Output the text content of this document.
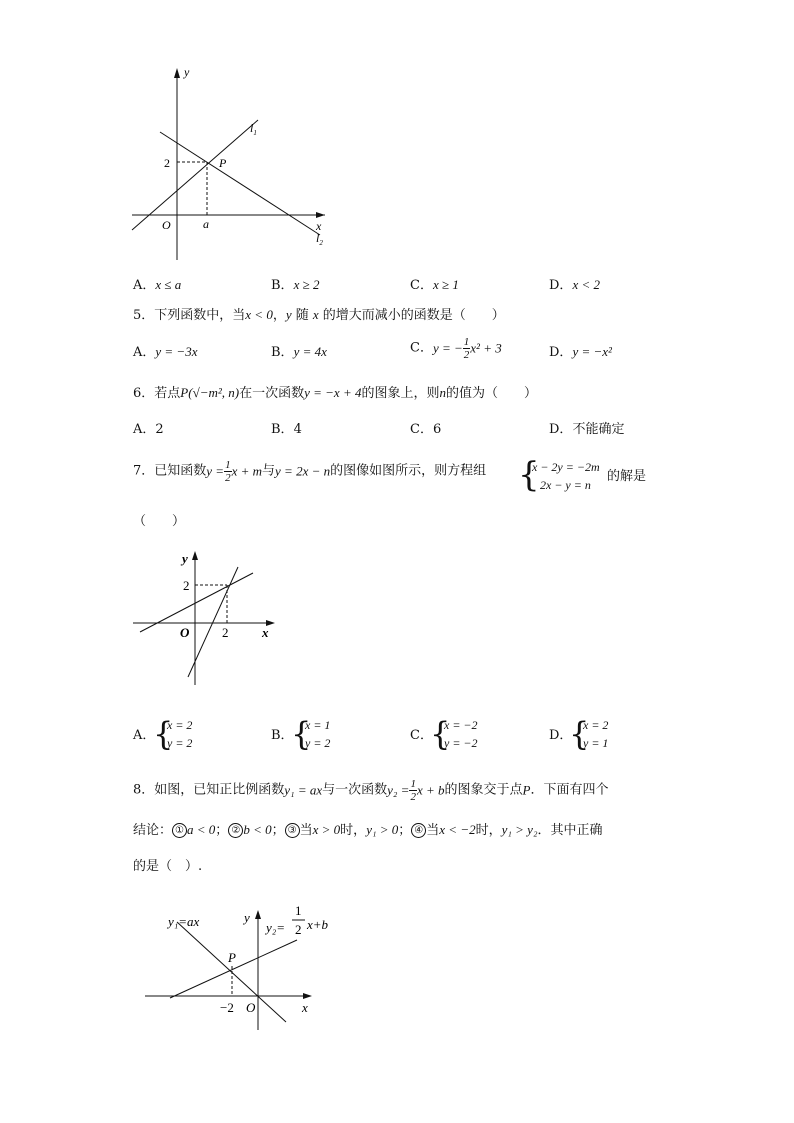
y
x
O
$l_1$
$l_2$
2	P
a
A．x ≤ a	B．x ≥ 2	C．x ≥ 1	D．x < 2
5．下列函数中，当x < 0，y 随 x 的增大而减小的函数是（　　）
A．y = −3x	B．y = 4x	C．y = − $\frac{1}{2} x^2 + 3$	D．y = −x²
6．若点P(√−m², n)在一次函数y = −x + 4的图象上，则n的值为（　　）
A．2	B．4	C．6	D．不能确定
7．已知函数$y = \frac{1}{2}$ x + m与y = 2x − n的图像如图所示，则方程组 {
x − 2y = −2m
2x − y = n
的解是
（　　）
y
x
O
2
2
A．
{
x = 2
y = 2	B．
{
x = 1
y = 2	C．
{
x = −2
y = −2	D．
{
x = 2
y = 1
8．如图，已知正比例函数y₁ = ax与一次函数$y_2 = \frac{1}{2}$ x + b的图象交于点P．下面有四个
结论： ① a < 0； ② b < 0； ③ 当x > 0时，y₁ > 0； ④ 当x < −2时，y₁ > y₂．其中正确
的是（　）.
y₁=ax	y
y₂=
1
2 x+b
P
−2 O	x
